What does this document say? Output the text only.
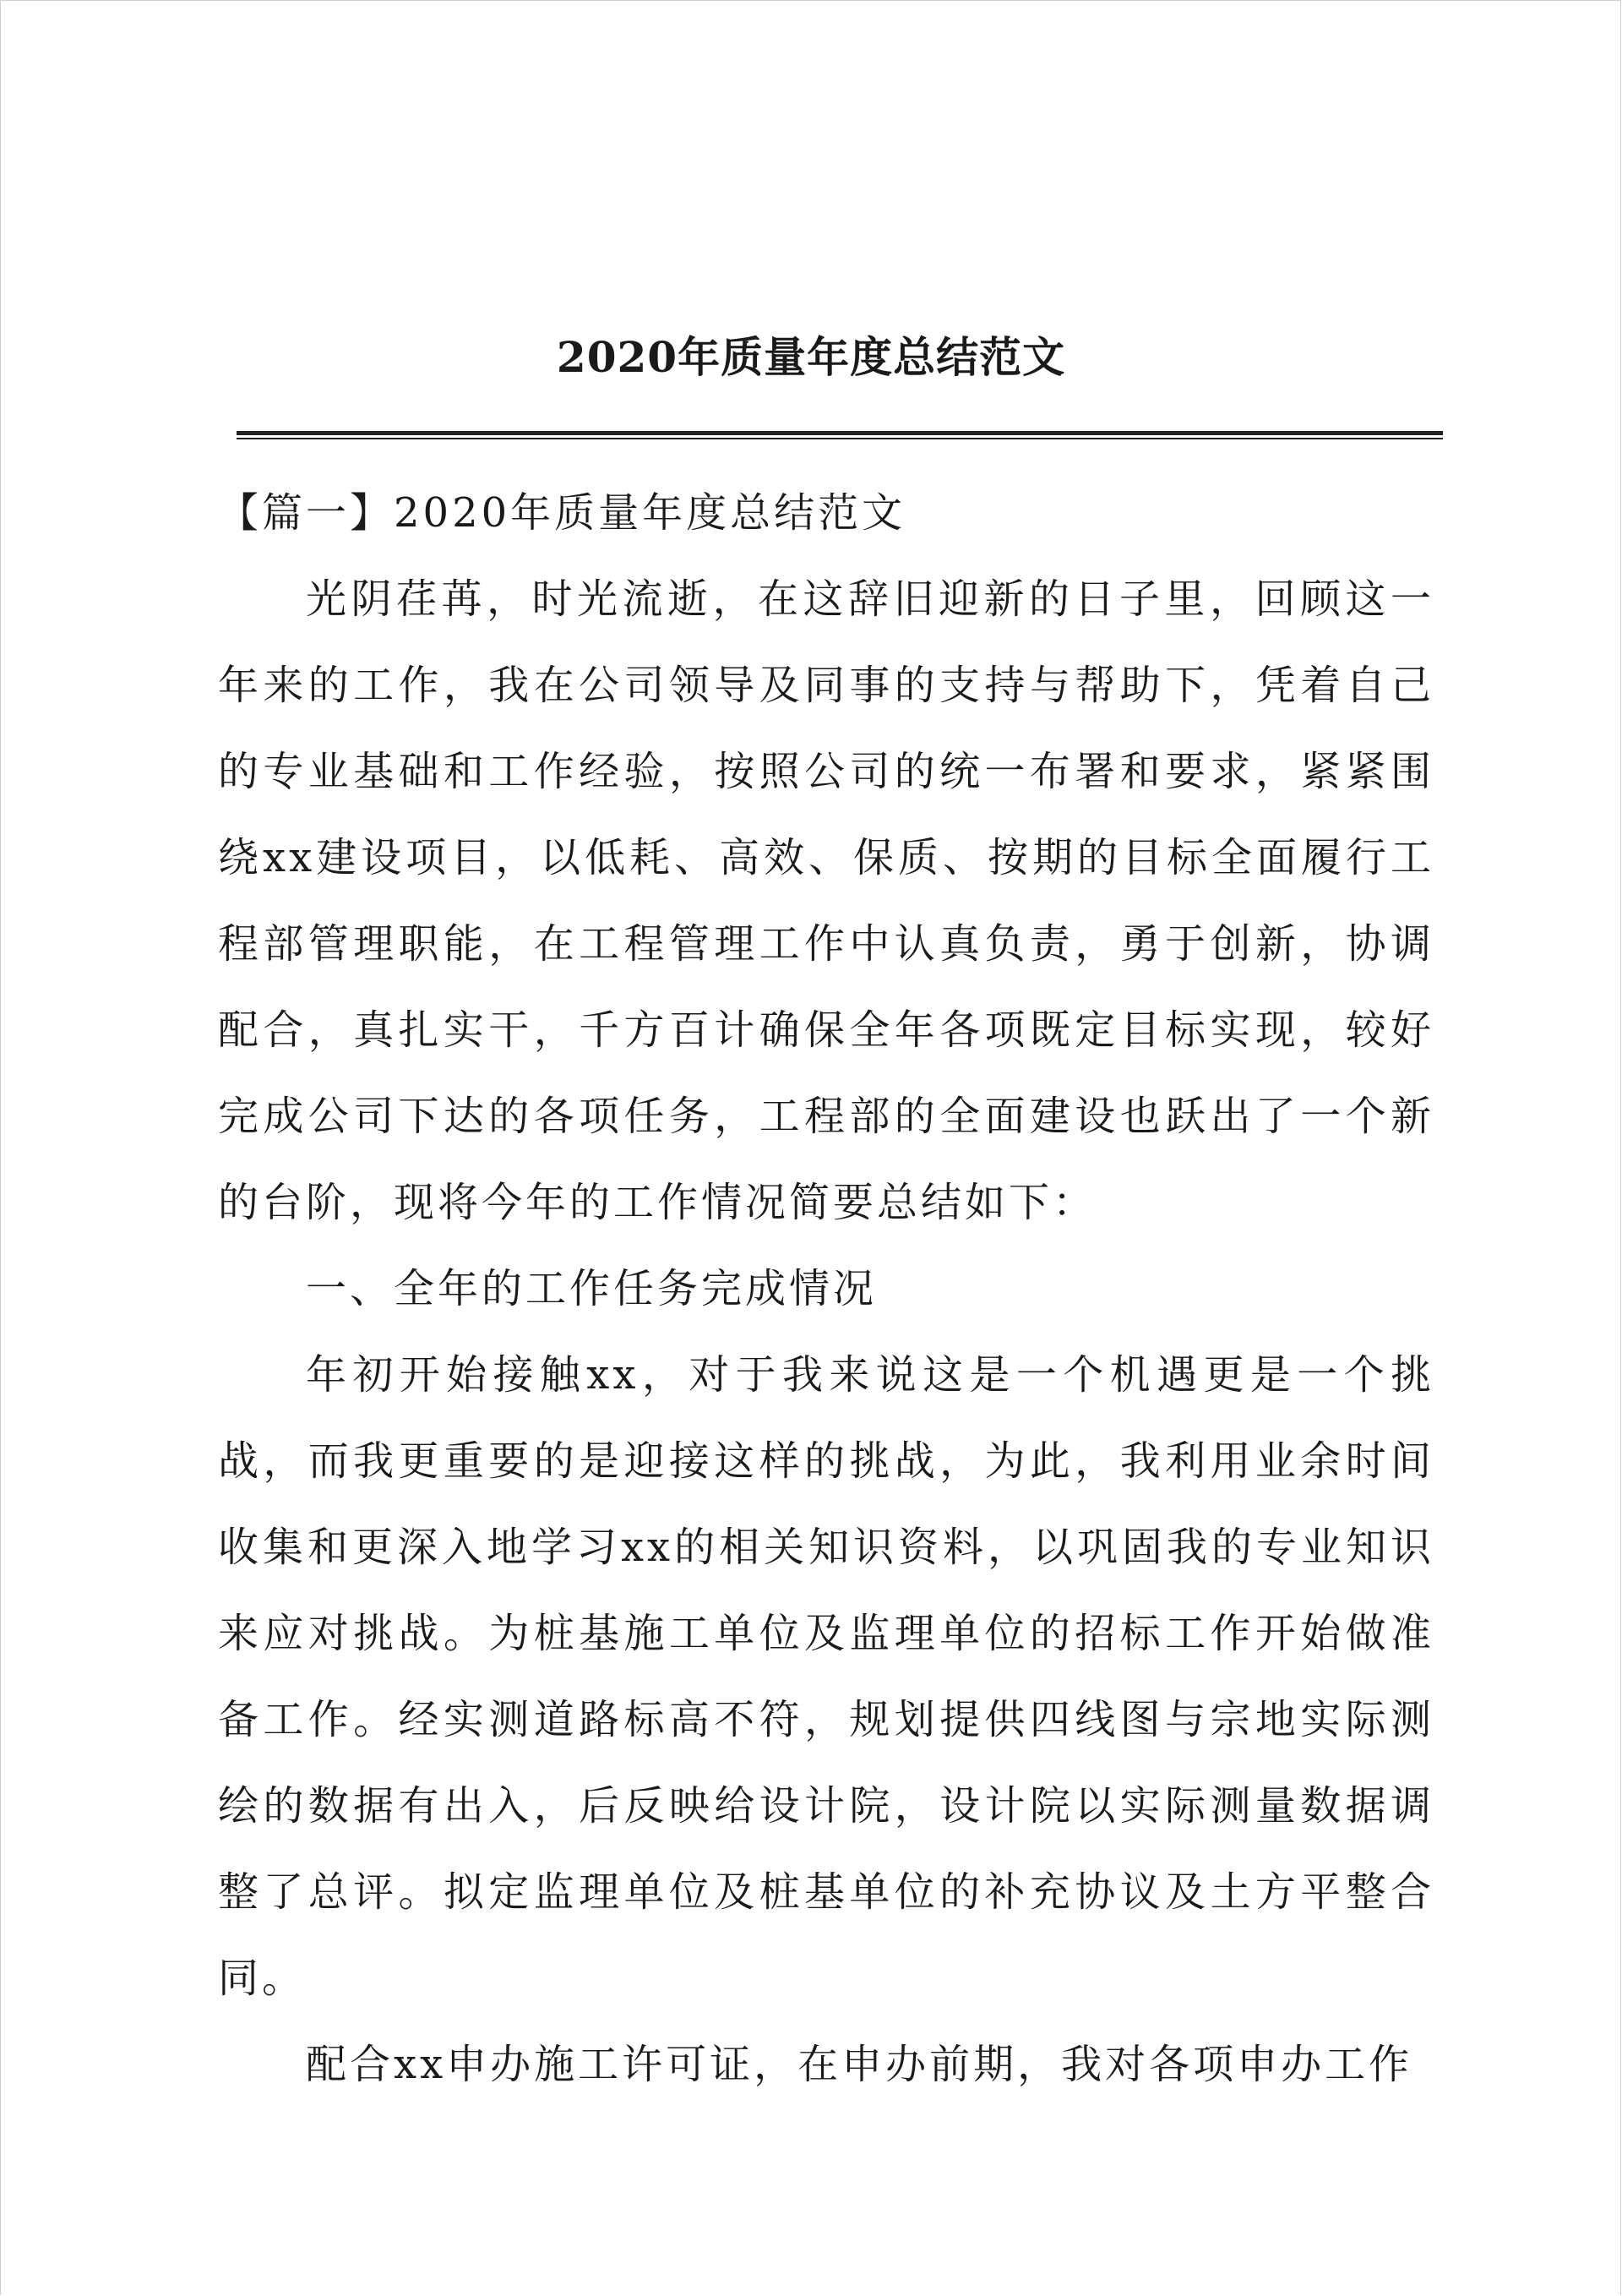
2020年质量年度总结范文

【篇一】2020年质量年度总结范文

光阴荏苒，时光流逝，在这辞旧迎新的日子里，回顾这一年来的工作，我在公司领导及同事的支持与帮助下，凭着自己的专业基础和工作经验，按照公司的统一布署和要求，紧紧围绕xx建设项目，以低耗、高效、保质、按期的目标全面履行工程部管理职能，在工程管理工作中认真负责，勇于创新，协调配合，真扎实干，千方百计确保全年各项既定目标实现，较好完成公司下达的各项任务，工程部的全面建设也跃出了一个新的台阶，现将今年的工作情况简要总结如下：

一、全年的工作任务完成情况

年初开始接触xx，对于我来说这是一个机遇更是一个挑战，而我更重要的是迎接这样的挑战，为此，我利用业余时间收集和更深入地学习xx的相关知识资料，以巩固我的专业知识来应对挑战。为桩基施工单位及监理单位的招标工作开始做准备工作。经实测道路标高不符，规划提供四线图与宗地实际测绘的数据有出入，后反映给设计院，设计院以实际测量数据调整了总评。拟定监理单位及桩基单位的补充协议及土方平整合同。

配合xx申办施工许可证，在申办前期，我对各项申办工作
